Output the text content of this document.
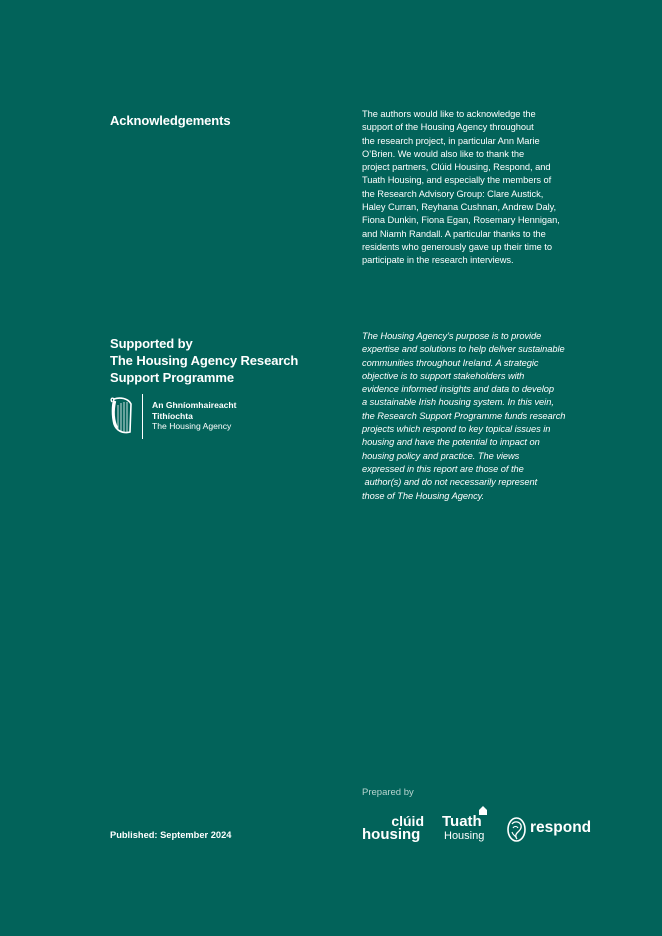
Acknowledgements	The authors would like to acknowledge the
support of the Housing Agency throughout
the research project, in particular Ann Marie
O’Brien. We would also like to thank the
project partners, Clúid Housing, Respond, and
Tuath Housing, and especially the members of
the Research Advisory Group: Clare Austick,
Haley Curran, Reyhana Cushnan, Andrew Daly,
Fiona Dunkin, Fiona Egan, Rosemary Hennigan,
and Niamh Randall. A particular thanks to the
residents who generously gave up their time to
participate in the research interviews.
Supported by
The Housing Agency Research
Support Programme
An Ghníomhaireacht
Tithíochta
The Housing Agency
The Housing Agency’s purpose is to provide
expertise and solutions to help deliver sustainable
communities throughout Ireland. A strategic
objective is to support stakeholders with
evidence informed insights and data to develop
a sustainable Irish housing system. In this vein,
the Research Support Programme funds research
projects which respond to key topical issues in
housing and have the potential to impact on
housing policy and practice. The views
expressed in this report are those of the
author(s) and do not necessarily represent
those of The Housing Agency.
Prepared by
Published: September 2024
clúid
housing
Tuath
Housing	respond
